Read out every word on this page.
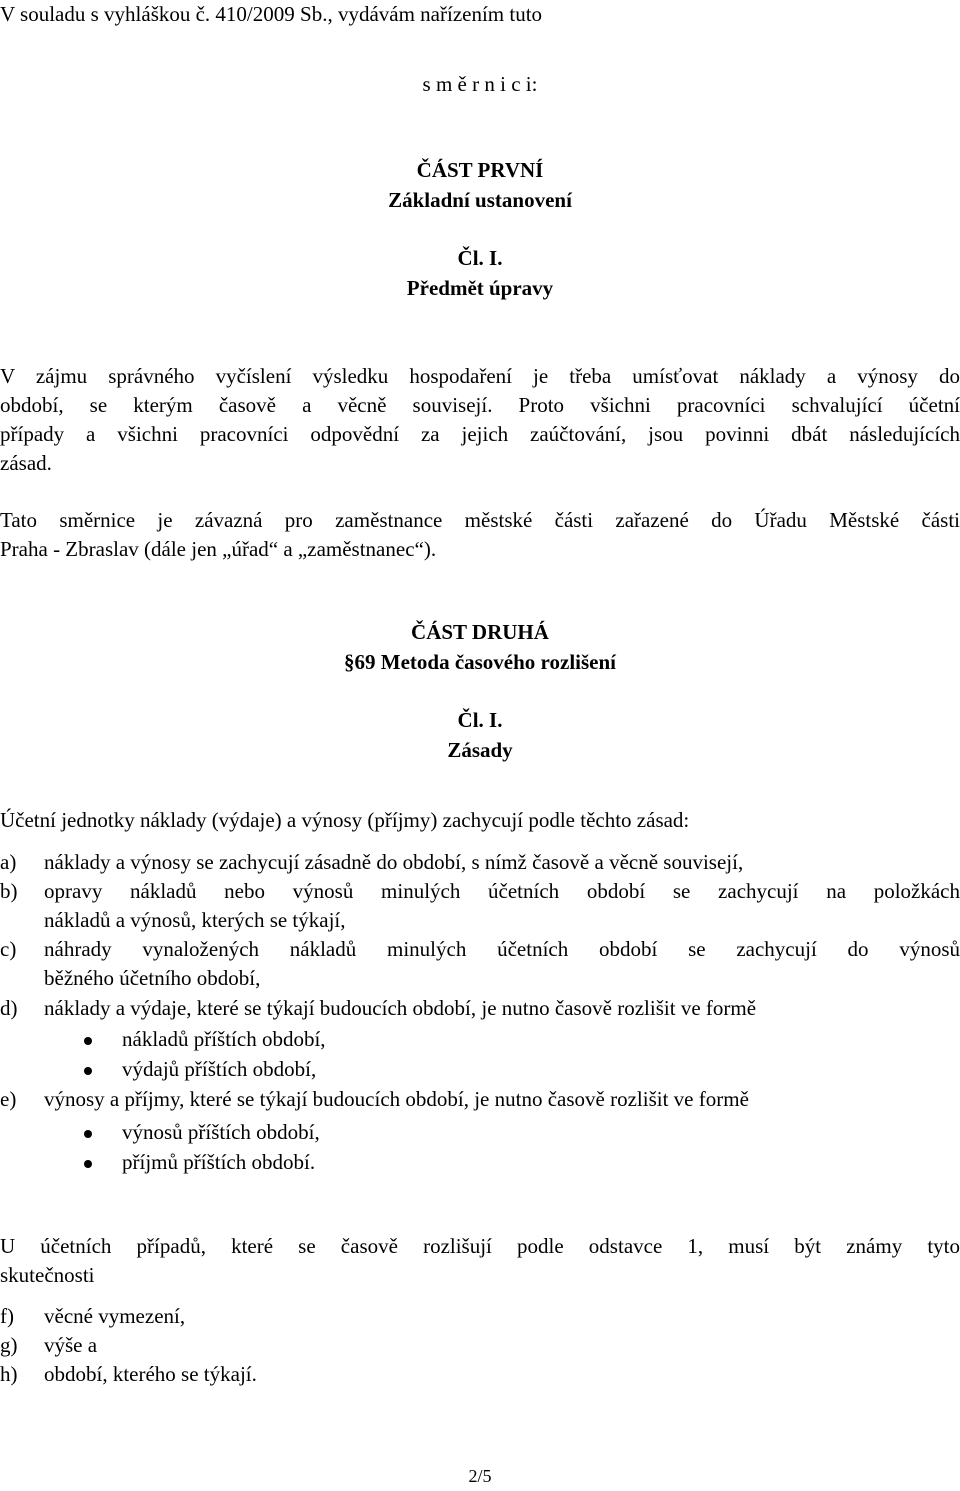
V souladu s vyhláškou č. 410/2009 Sb., vydávám nařízením tuto
s m ě r n i c i:
ČÁST PRVNÍ
Základní ustanovení
Čl. I.
Předmět úpravy
V zájmu správného vyčíslení výsledku hospodaření je třeba umísťovat náklady a výnosy do
období, se kterým časově a věcně souvisejí. Proto všichni pracovníci schvalující účetní
případy a všichni pracovníci odpovědní za jejich zaúčtování, jsou povinni dbát následujících
zásad.
Tato směrnice je závazná pro zaměstnance městské části zařazené do Úřadu Městské části
Praha - Zbraslav (dále jen „úřad“ a „zaměstnanec“).
ČÁST DRUHÁ
§69 Metoda časového rozlišení
Čl. I.
Zásady
Účetní jednotky náklady (výdaje) a výnosy (příjmy) zachycují podle těchto zásad:
a) náklady a výnosy se zachycují zásadně do období, s nímž časově a věcně souvisejí,
b) opravy nákladů nebo výnosů minulých účetních období se zachycují na položkách
nákladů a výnosů, kterých se týkají,
c) náhrady vynaložených nákladů minulých účetních období se zachycují do výnosů
běžného účetního období,
d) náklady a výdaje, které se týkají budoucích období, je nutno časově rozlišit ve formě
nákladů příštích období,
výdajů příštích období,
e) výnosy a příjmy, které se týkají budoucích období, je nutno časově rozlišit ve formě
výnosů příštích období,
příjmů příštích období.
U účetních případů, které se časově rozlišují podle odstavce 1, musí být známy tyto
skutečnosti
f) věcné vymezení,
g) výše a
h) období, kterého se týkají.
2/5
